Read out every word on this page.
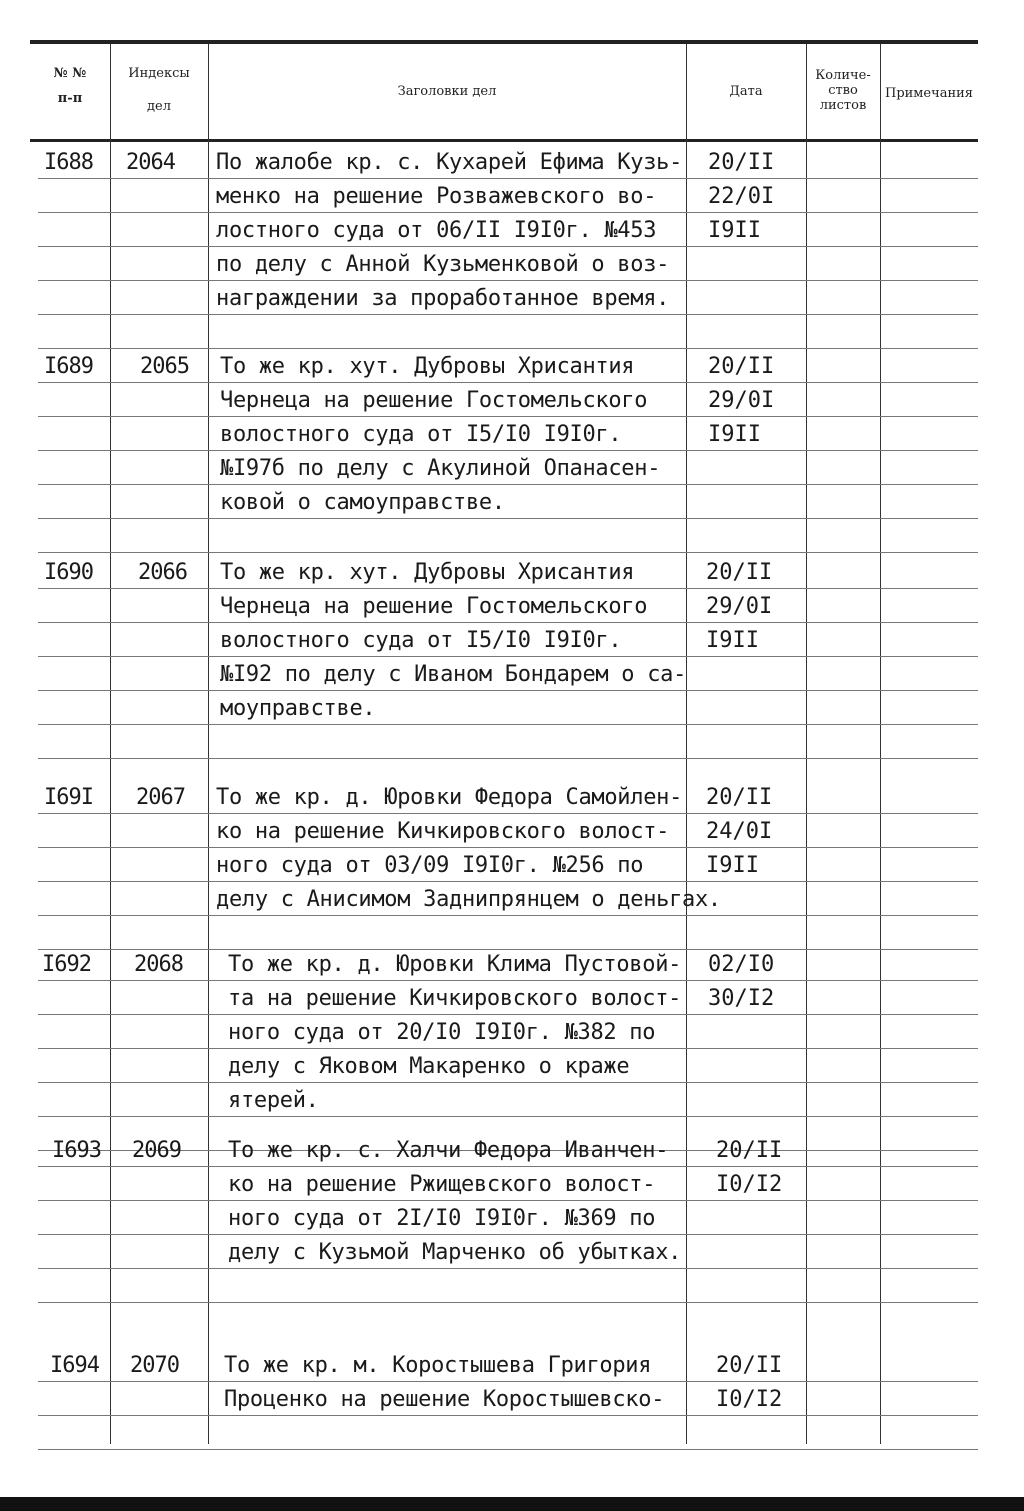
№ №
п-п
Индексы
дел
Заголовки дел	Дата
Количе-
ство
листов
Примечания
I688 2064 По жалобе кр. с. Кухарей Ефима Кузь-
менко на решение Розважевского во-
лостного суда от 06/II I9I0г. №453
по делу с Анной Кузьменковой о воз-
награждении за проработанное время.
20/II
22/0I
I9II
I689 2065 То же кр. хут. Дубровы Хрисантия
Чернеца на решение Гостомельского
волостного суда от I5/I0 I9I0г.
№I97б по делу с Акулиной Опанасен-
ковой о самоуправстве.
20/II
29/0I
I9II
I690 2066 То же кр. хут. Дубровы Хрисантия
Чернеца на решение Гостомельского
волостного суда от I5/I0 I9I0г.
№I92 по делу с Иваном Бондарем о са-
моуправстве.
20/II
29/0I
I9II
I69I 2067 То же кр. д. Юровки Федора Самойлен-
ко на решение Кичкировского волост-
ного суда от 03/09 I9I0г. №256 по
делу с Анисимом Заднипрянцем о деньгах.
20/II
24/0I
I9II
I692 2068 То же кр. д. Юровки Клима Пустовой-
та на решение Кичкировского волост-
ного суда от 20/I0 I9I0г. №382 по
делу с Яковом Макаренко о краже
ятерей.
02/I0
30/I2
I693 2069 То же кр. с. Халчи Федора Иванчен-
ко на решение Ржищевского волост-
ного суда от 2I/I0 I9I0г. №369 по
делу с Кузьмой Марченко об убытках.
20/II
I0/I2
I694 2070 То же кр. м. Коростышева Григория
Проценко на решение Коростышевско-
20/II
I0/I2
